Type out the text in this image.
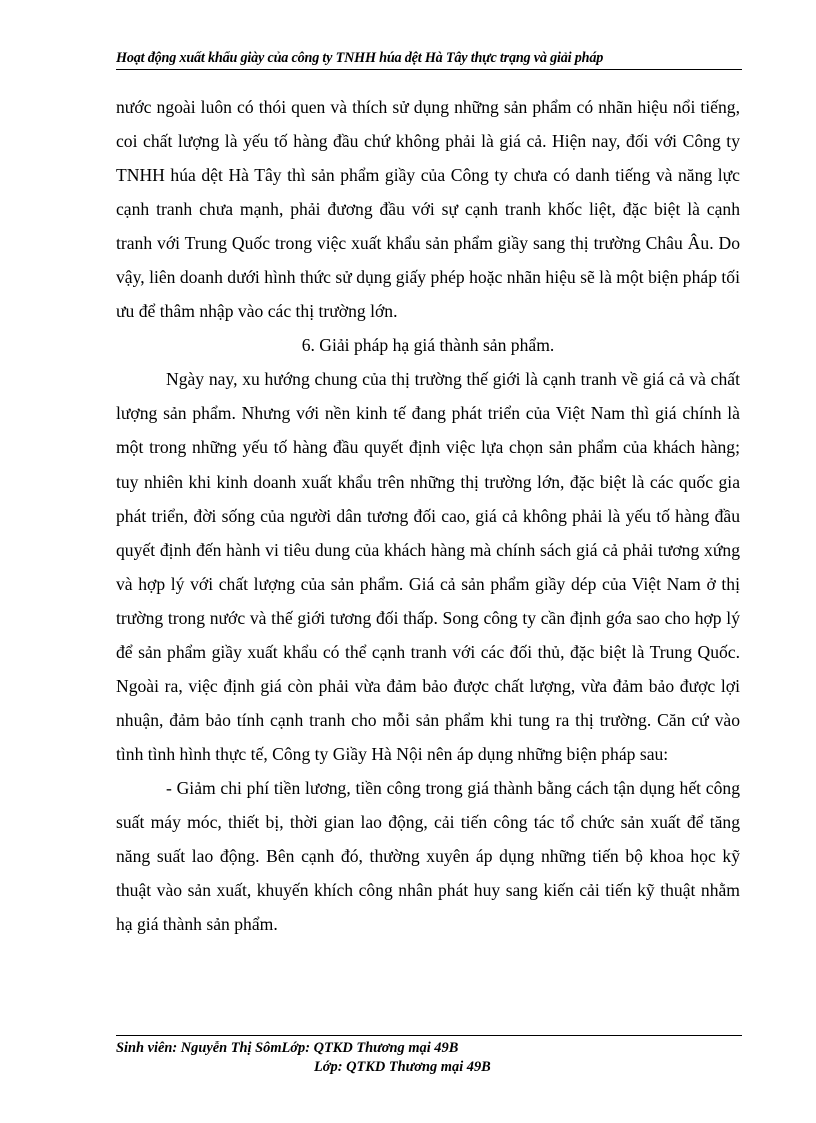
Hoạt động xuất khẩu giày của công ty TNHH húa dệt Hà Tây thực trạng và giải pháp

nước ngoài luôn có thói quen và thích sử dụng những sản phẩm có nhãn hiệu nổi tiếng, coi chất lượng là yếu tố hàng đầu chứ không phải là giá cả. Hiện nay, đối với Công ty TNHH húa dệt Hà Tây thì sản phẩm giầy của Công ty chưa có danh tiếng và năng lực cạnh tranh chưa mạnh, phải đương đầu với sự cạnh tranh khốc liệt, đặc biệt là cạnh tranh với Trung Quốc trong việc xuất khẩu sản phẩm giầy sang thị trường Châu Âu. Do vậy, liên doanh dưới hình thức sử dụng giấy phép hoặc nhãn hiệu sẽ là một biện pháp tối ưu để thâm nhập vào các thị trường lớn.

6. Giải pháp hạ giá thành sản phẩm.

Ngày nay, xu hướng chung của thị trường thế giới là cạnh tranh về giá cả và chất lượng sản phẩm. Nhưng với nền kinh tế đang phát triển của Việt Nam thì giá chính là một trong những yếu tố hàng đầu quyết định việc lựa chọn sản phẩm của khách hàng; tuy nhiên khi kinh doanh xuất khẩu trên những thị trường lớn, đặc biệt là các quốc gia phát triển, đời sống của người dân tương đối cao, giá cả không phải là yếu tố hàng đầu quyết định đến hành vi tiêu dung của khách hàng mà chính sách giá cả phải tương xứng và hợp lý với chất lượng của sản phẩm. Giá cả sản phẩm giầy dép của Việt Nam ở thị trường trong nước và thế giới tương đối thấp. Song công ty cần định gớa sao cho hợp lý để sản phẩm giầy xuất khẩu có thể cạnh tranh với các đối thủ, đặc biệt là Trung Quốc. Ngoài ra, việc định giá còn phải vừa đảm bảo được chất lượng, vừa đảm bảo được lợi nhuận, đảm bảo tính cạnh tranh cho mỗi sản phẩm khi tung ra thị trường. Căn cứ vào tình tình hình thực tế, Công ty Giầy Hà Nội nên áp dụng những biện pháp sau:

- Giảm chi phí tiền lương, tiền công trong giá thành bằng cách tận dụng hết công suất máy móc, thiết bị, thời gian lao động, cải tiến công tác tổ chức sản xuất để tăng năng suất lao động. Bên cạnh đó, thường xuyên áp dụng những tiến bộ khoa học kỹ thuật vào sản xuất, khuyến khích công nhân phát huy sang kiến cải tiến kỹ thuật nhằm hạ giá thành sản phẩm.

Sinh viên: Nguyễn Thị SômLớp: QTKD Thương mại 49B
Lớp: QTKD Thương mại 49B
